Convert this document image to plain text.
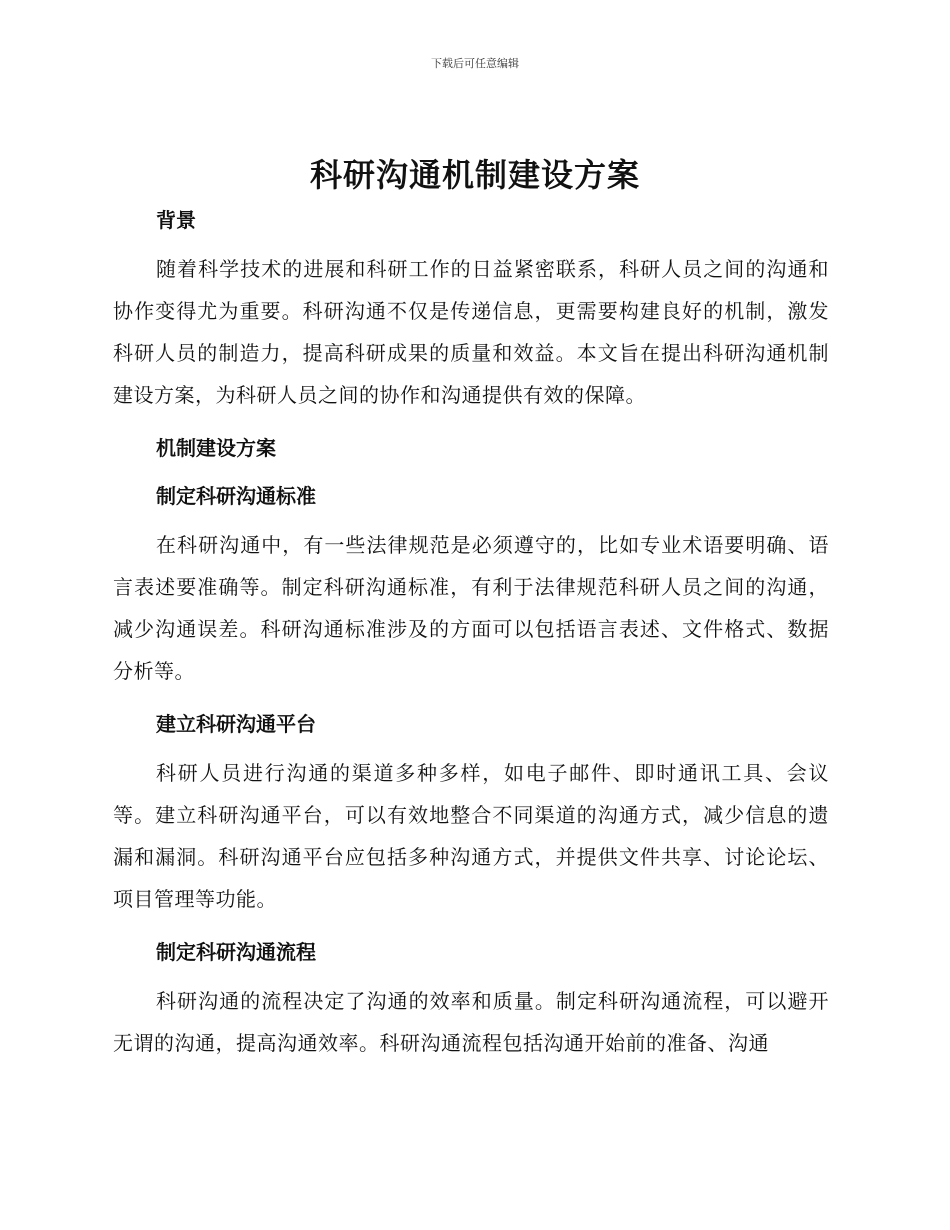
下载后可任意编辑
科研沟通机制建设方案
背景

随着科学技术的进展和科研工作的日益紧密联系，科研人员之间的沟通和协作变得尤为重要。科研沟通不仅是传递信息，更需要构建良好的机制，激发科研人员的制造力，提高科研成果的质量和效益。本文旨在提出科研沟通机制建设方案，为科研人员之间的协作和沟通提供有效的保障。

机制建设方案
制定科研沟通标准

在科研沟通中，有一些法律规范是必须遵守的，比如专业术语要明确、语言表述要准确等。制定科研沟通标准，有利于法律规范科研人员之间的沟通，减少沟通误差。科研沟通标准涉及的方面可以包括语言表述、文件格式、数据分析等。

建立科研沟通平台

科研人员进行沟通的渠道多种多样，如电子邮件、即时通讯工具、会议等。建立科研沟通平台，可以有效地整合不同渠道的沟通方式，减少信息的遗漏和漏洞。科研沟通平台应包括多种沟通方式，并提供文件共享、讨论论坛、项目管理等功能。

制定科研沟通流程

科研沟通的流程决定了沟通的效率和质量。制定科研沟通流程，可以避开无谓的沟通，提高沟通效率。科研沟通流程包括沟通开始前的准备、沟通
